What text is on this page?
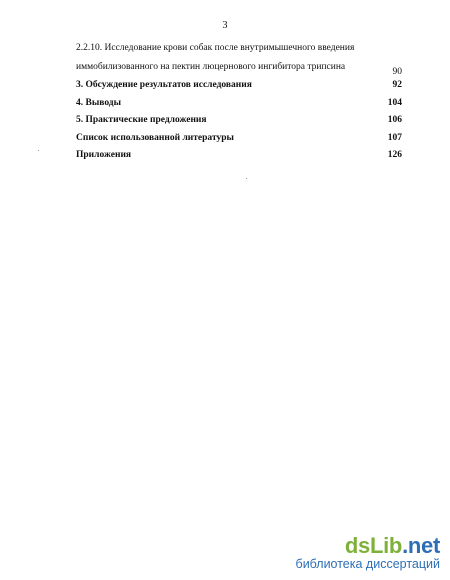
3
2.2.10. Исследование крови собак после внутримышечного введения
иммобилизованного на пектин люцернового ингибитора трипсина	90
3. Обсуждение результатов исследования	92
4. Выводы	104
5. Практические предложения	106
Список использованной литературы	107
Приложения	126
dsLib.net
библиотека диссертаций
